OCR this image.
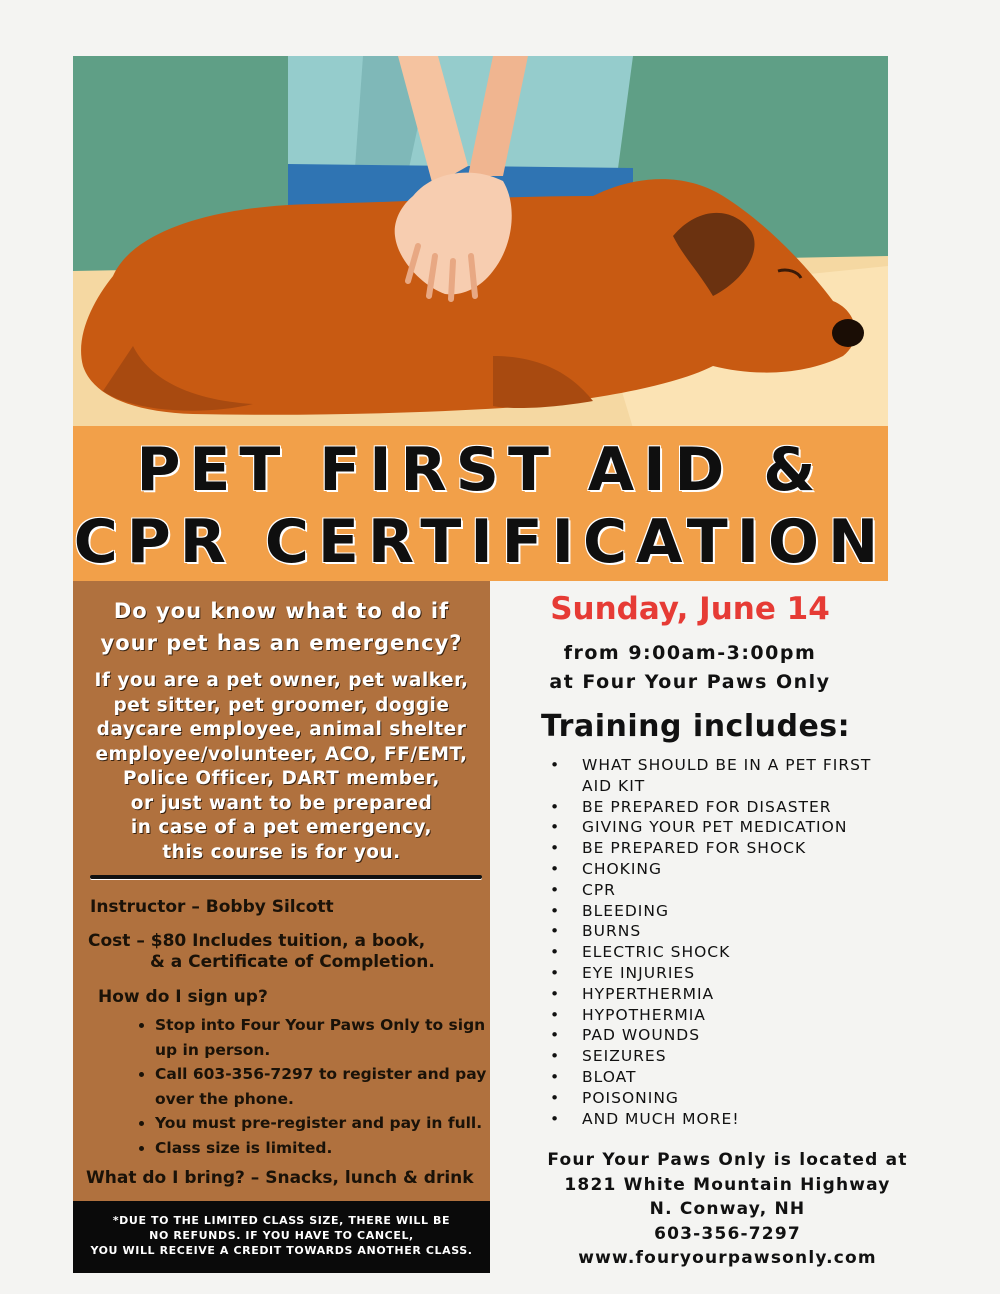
PET FIRST AID &
CPR CERTIFICATION
Do you know what to do if
your pet has an emergency?
If you are a pet owner, pet walker,
pet sitter, pet groomer, doggie
daycare employee, animal shelter
employee/volunteer, ACO, FF/EMT,
Police Officer, DART member,
or just want to be prepared
in case of a pet emergency,
this course is for you.
Instructor – Bobby Silcott
Cost – $80 Includes tuition, a book,
& a Certificate of Completion.
How do I sign up?
• Stop into Four Your Paws Only to sign up in person.
• Call 603-356-7297 to register and pay over the phone.
• You must pre-register and pay in full.
• Class size is limited.
What do I bring? – Snacks, lunch & drink
*DUE TO THE LIMITED CLASS SIZE, THERE WILL BE
NO REFUNDS. IF YOU HAVE TO CANCEL,
YOU WILL RECEIVE A CREDIT TOWARDS ANOTHER CLASS.
Sunday, June 14
from 9:00am-3:00pm
at Four Your Paws Only
Training includes:
• WHAT SHOULD BE IN A PET FIRST AID KIT
• BE PREPARED FOR DISASTER
• GIVING YOUR PET MEDICATION
• BE PREPARED FOR SHOCK
• CHOKING
• CPR
• BLEEDING
• BURNS
• ELECTRIC SHOCK
• EYE INJURIES
• HYPERTHERMIA
• HYPOTHERMIA
• PAD WOUNDS
• SEIZURES
• BLOAT
• POISONING
• AND MUCH MORE!
Four Your Paws Only is located at
1821 White Mountain Highway
N. Conway, NH
603-356-7297
www.fouryourpawsonly.com
